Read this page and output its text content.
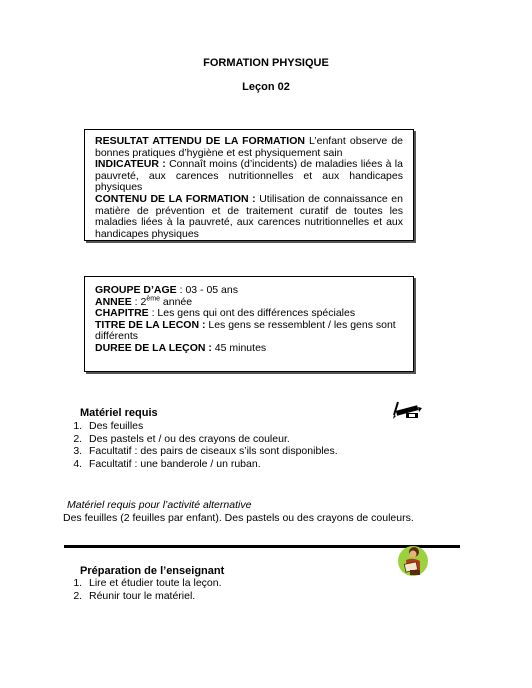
FORMATION PHYSIQUE
Leçon 02

RESULTAT ATTENDU DE LA FORMATION L’enfant observe de bonnes pratiques d’hygiène et est physiquement sain

INDICATEUR : Connaît moins (d’incidents) de maladies liées à la pauvreté, aux carences nutritionnelles et aux handicapes physiques

CONTENU DE LA FORMATION : Utilisation de connaissance en matière de prévention et de traitement curatif de toutes les maladies liées à la pauvreté, aux carences nutritionnelles et aux handicapes physiques

GROUPE D’AGE : 03 - 05 ans

ANNEE : 2ème année

CHAPITRE : Les gens qui ont des différences spéciales

TITRE DE LA LECON : Les gens se ressemblent / les gens sont différents

DUREE DE LA LEÇON : 45 minutes

Matériel requis
1. Des feuilles
2. Des pastels et / ou des crayons de couleur.
3. Facultatif : des pairs de ciseaux s’ils sont disponibles.
4. Facultatif : une banderole / un ruban.
Matériel requis pour l’activité alternative
Des feuilles (2 feuilles par enfant). Des pastels ou des crayons de couleurs.
Préparation de l’enseignant
1. Lire et étudier toute la leçon.
2. Réunir tour le matériel.
